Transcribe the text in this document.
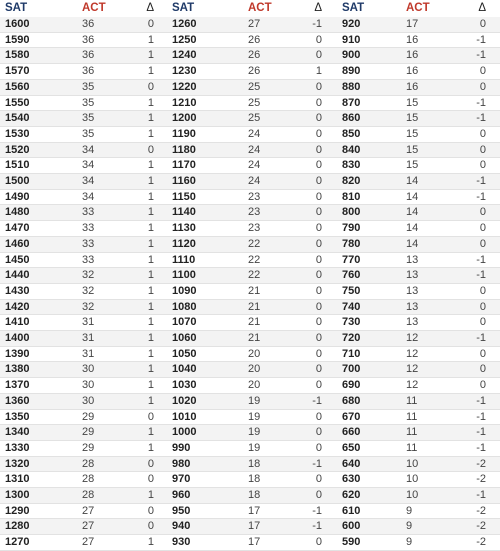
SAT	ACT	Δ SAT	ACT	Δ SAT	ACT	Δ
1600	36	0 1260	27	-1 920	17	0
1590	36	1 1250	26	0 910	16	-1
1580	36	1 1240	26	0 900	16	-1
1570	36	1 1230	26	1 890	16	0
1560	35	0 1220	25	0 880	16	0
1550	35	1 1210	25	0 870	15	-1
1540	35	1 1200	25	0 860	15	-1
1530	35	1 1190	24	0 850	15	0
1520	34	0 1180	24	0 840	15	0
1510	34	1 1170	24	0 830	15	0
1500	34	1 1160	24	0 820	14	-1
1490	34	1 1150	23	0 810	14	-1
1480	33	1 1140	23	0 800	14	0
1470	33	1 1130	23	0 790	14	0
1460	33	1 1120	22	0 780	14	0
1450	33	1 1110	22	0 770	13	-1
1440	32	1 1100	22	0 760	13	-1
1430	32	1 1090	21	0 750	13	0
1420	32	1 1080	21	0 740	13	0
1410	31	1 1070	21	0 730	13	0
1400	31	1 1060	21	0 720	12	-1
1390	31	1 1050	20	0 710	12	0
1380	30	1 1040	20	0 700	12	0
1370	30	1 1030	20	0 690	12	0
1360	30	1 1020	19	-1 680	11	-1
1350	29	0 1010	19	0 670	11	-1
1340	29	1 1000	19	0 660	11	-1
1330	29	1 990	19	0 650	11	-1
1320	28	0 980	18	-1 640	10	-2
1310	28	0 970	18	0 630	10	-2
1300	28	1 960	18	0 620	10	-1
1290	27	0 950	17	-1 610	9	-2
1280	27	0 940	17	-1 600	9	-2
1270	27	1 930	17	0 590	9	-2
